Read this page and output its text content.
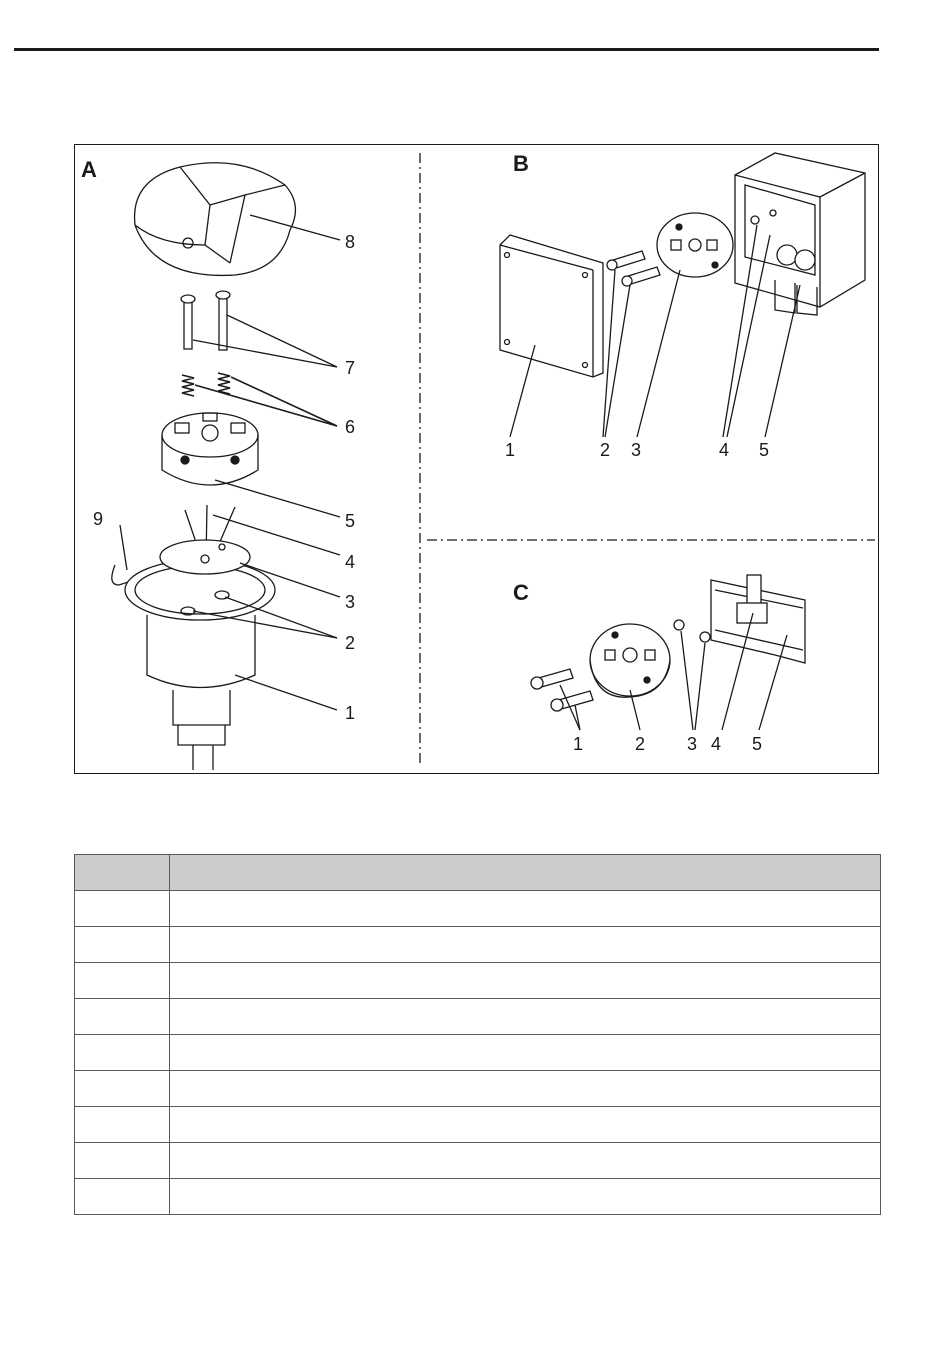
A	B
C
8
7
6
5
9
4
3
2
1
1	2 3	4 5
1	2 3 4 5
